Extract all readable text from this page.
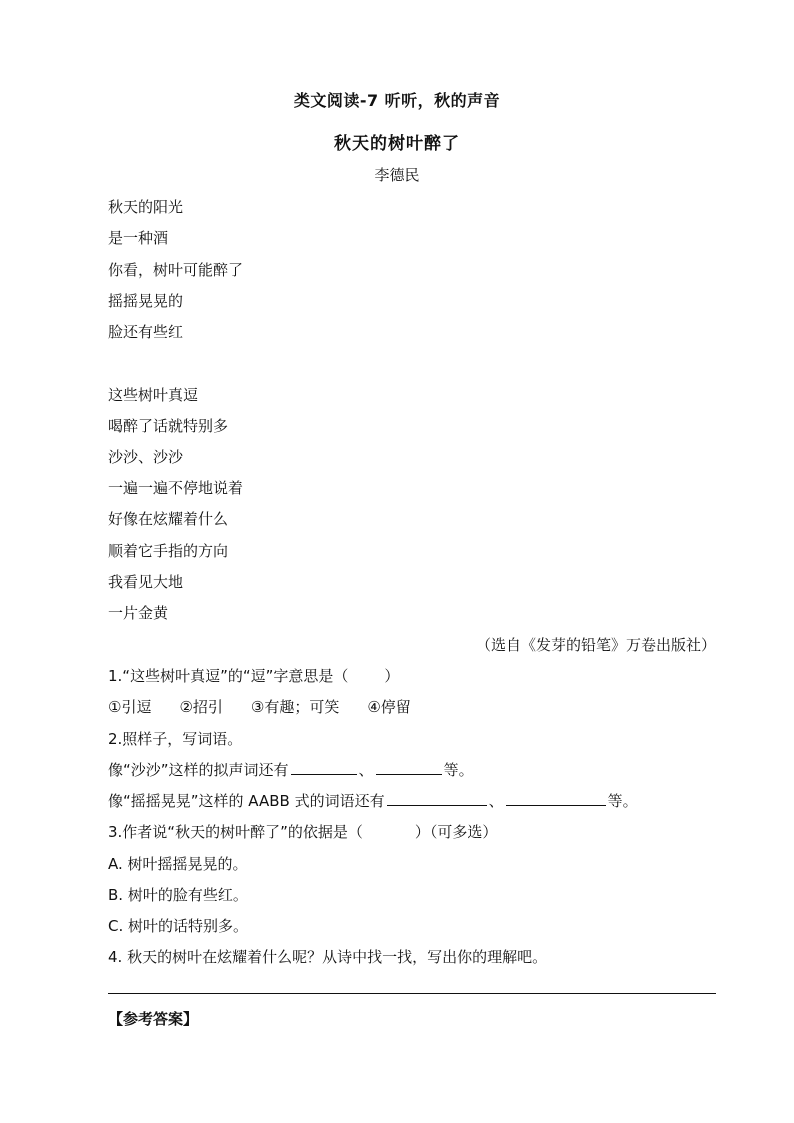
类文阅读-7 听听，秋的声音
秋天的树叶醉了
李德民
秋天的阳光
是一种酒
你看，树叶可能醉了
摇摇晃晃的
脸还有些红
这些树叶真逗
喝醉了话就特别多
沙沙、沙沙
一遍一遍不停地说着
好像在炫耀着什么
顺着它手指的方向
我看见大地
一片金黄
（选自《发芽的铅笔》万卷出版社）
1.“这些树叶真逗”的“逗”字意思是（ ）
①引逗 ②招引 ③有趣；可笑 ④停留
2.照样子，写词语。
像“沙沙”这样的拟声词还有	、	等。
像“摇摇晃晃”这样的 AABB 式的词语还有	、	等。
3.作者说“秋天的树叶醉了”的依据是（	）（可多选）
A. 树叶摇摇晃晃的。
B. 树叶的脸有些红。
C. 树叶的话特别多。
4. 秋天的树叶在炫耀着什么呢？从诗中找一找，写出你的理解吧。
【参考答案】
